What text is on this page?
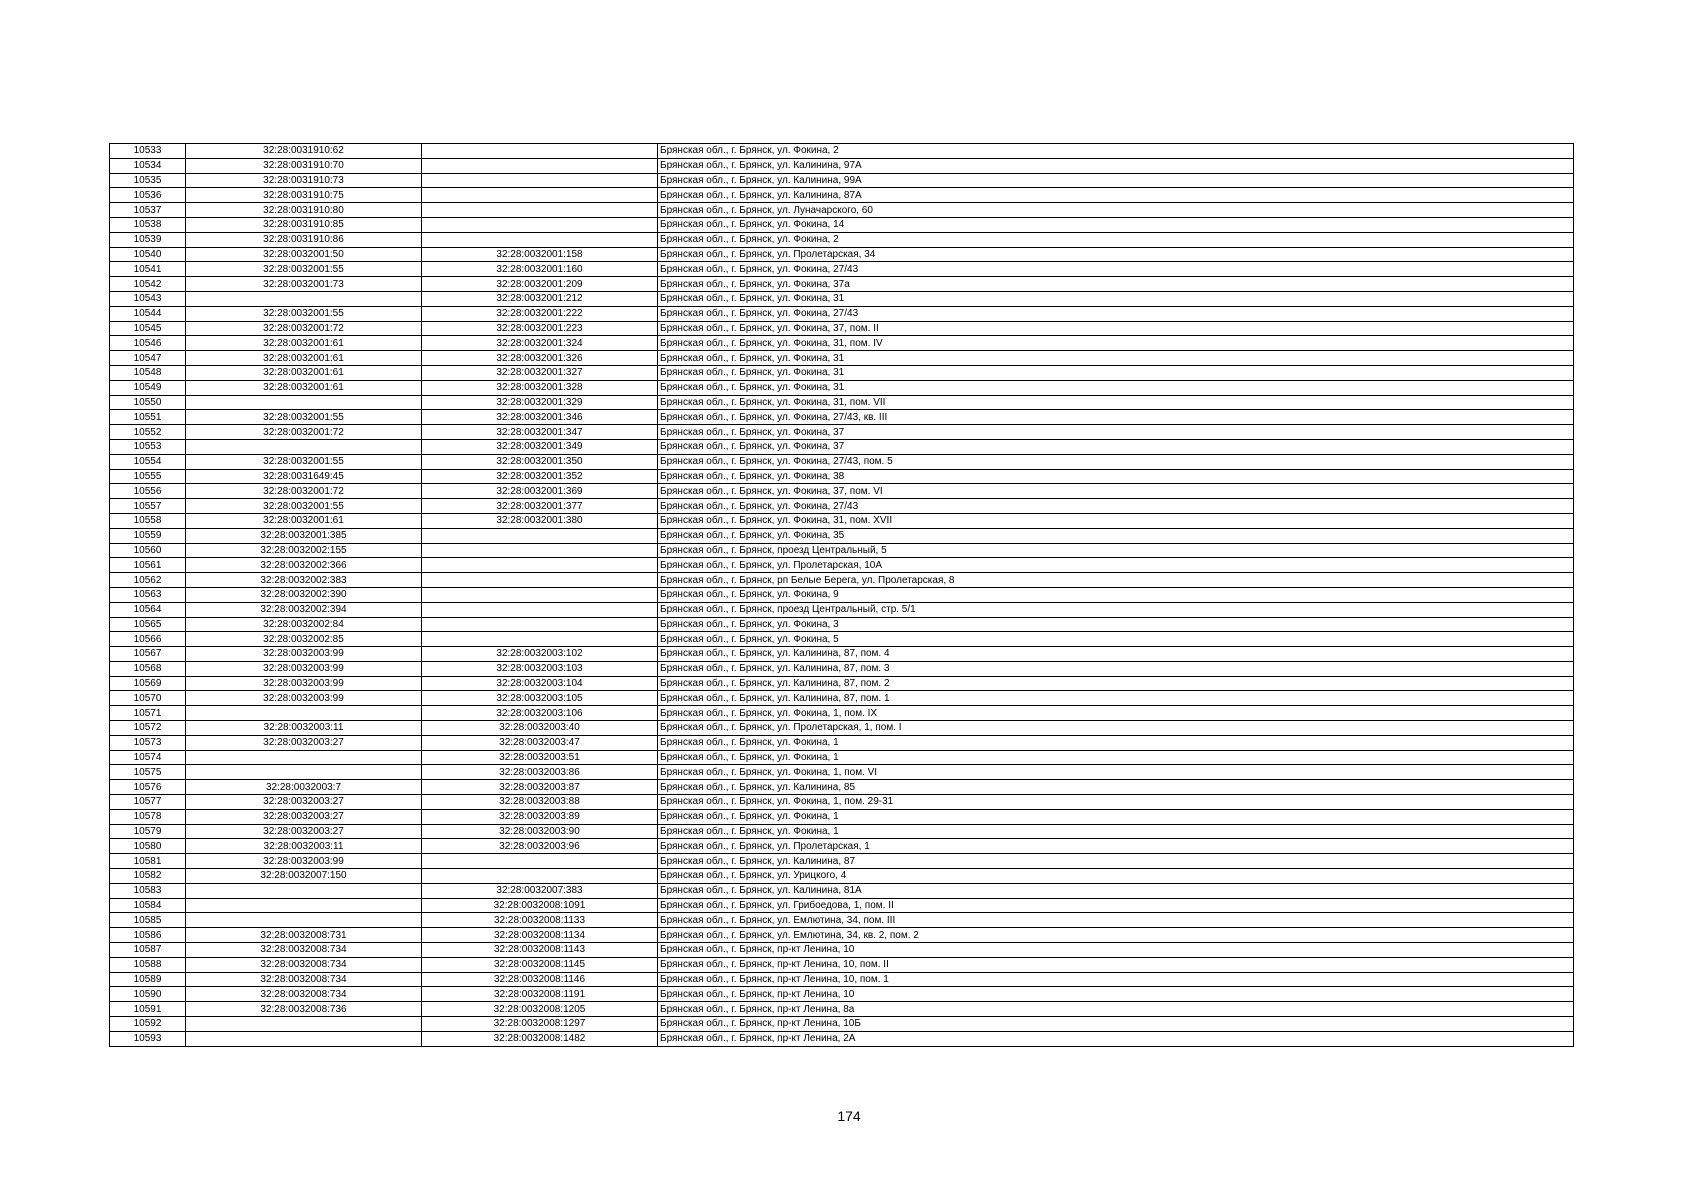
10533	32:28:0031910:62		Брянская обл., г. Брянск, ул. Фокина, 2
10534	32:28:0031910:70		Брянская обл., г. Брянск, ул. Калинина, 97А
10535	32:28:0031910:73		Брянская обл., г. Брянск, ул. Калинина, 99А
10536	32:28:0031910:75		Брянская обл., г. Брянск, ул. Калинина, 87А
10537	32:28:0031910:80		Брянская обл., г. Брянск, ул. Луначарского, 60
10538	32:28:0031910:85		Брянская обл., г. Брянск, ул. Фокина, 14
10539	32:28:0031910:86		Брянская обл., г. Брянск, ул. Фокина, 2
10540	32:28:0032001:50	32:28:0032001:158	Брянская обл., г. Брянск, ул. Пролетарская, 34
10541	32:28:0032001:55	32:28:0032001:160	Брянская обл., г. Брянск, ул. Фокина, 27/43
10542	32:28:0032001:73	32:28:0032001:209	Брянская обл., г. Брянск, ул. Фокина, 37а
10543		32:28:0032001:212	Брянская обл., г. Брянск, ул. Фокина, 31
10544	32:28:0032001:55	32:28:0032001:222	Брянская обл., г. Брянск, ул. Фокина, 27/43
10545	32:28:0032001:72	32:28:0032001:223	Брянская обл., г. Брянск, ул. Фокина, 37, пом. II
10546	32:28:0032001:61	32:28:0032001:324	Брянская обл., г. Брянск, ул. Фокина, 31, пом. IV
10547	32:28:0032001:61	32:28:0032001:326	Брянская обл., г. Брянск, ул. Фокина, 31
10548	32:28:0032001:61	32:28:0032001:327	Брянская обл., г. Брянск, ул. Фокина, 31
10549	32:28:0032001:61	32:28:0032001:328	Брянская обл., г. Брянск, ул. Фокина, 31
10550		32:28:0032001:329	Брянская обл., г. Брянск, ул. Фокина, 31, пом. VII
10551	32:28:0032001:55	32:28:0032001:346	Брянская обл., г. Брянск, ул. Фокина, 27/43, кв. III
10552	32:28:0032001:72	32:28:0032001:347	Брянская обл., г. Брянск, ул. Фокина, 37
10553		32:28:0032001:349	Брянская обл., г. Брянск, ул. Фокина, 37
10554	32:28:0032001:55	32:28:0032001:350	Брянская обл., г. Брянск, ул. Фокина, 27/43, пом. 5
10555	32:28:0031649:45	32:28:0032001:352	Брянская обл., г. Брянск, ул. Фокина, 38
10556	32:28:0032001:72	32:28:0032001:369	Брянская обл., г. Брянск, ул. Фокина, 37, пом. VI
10557	32:28:0032001:55	32:28:0032001:377	Брянская обл., г. Брянск, ул. Фокина, 27/43
10558	32:28:0032001:61	32:28:0032001:380	Брянская обл., г. Брянск, ул. Фокина, 31, пом. XVII
10559	32:28:0032001:385		Брянская обл., г. Брянск, ул. Фокина, 35
10560	32:28:0032002:155		Брянская обл., г. Брянск, проезд Центральный, 5
10561	32:28:0032002:366		Брянская обл., г. Брянск, ул. Пролетарская, 10А
10562	32:28:0032002:383		Брянская обл., г. Брянск, рп Белые Берега, ул. Пролетарская, 8
10563	32:28:0032002:390		Брянская обл., г. Брянск, ул. Фокина, 9
10564	32:28:0032002:394		Брянская обл., г. Брянск, проезд Центральный, стр. 5/1
10565	32:28:0032002:84		Брянская обл., г. Брянск, ул. Фокина, 3
10566	32:28:0032002:85		Брянская обл., г. Брянск, ул. Фокина, 5
10567	32:28:0032003:99	32:28:0032003:102	Брянская обл., г. Брянск, ул. Калинина, 87, пом. 4
10568	32:28:0032003:99	32:28:0032003:103	Брянская обл., г. Брянск, ул. Калинина, 87, пом. 3
10569	32:28:0032003:99	32:28:0032003:104	Брянская обл., г. Брянск, ул. Калинина, 87, пом. 2
10570	32:28:0032003:99	32:28:0032003:105	Брянская обл., г. Брянск, ул. Калинина, 87, пом. 1
10571		32:28:0032003:106	Брянская обл., г. Брянск, ул. Фокина, 1, пом. IX
10572	32:28:0032003:11	32:28:0032003:40	Брянская обл., г. Брянск, ул. Пролетарская, 1, пом. I
10573	32:28:0032003:27	32:28:0032003:47	Брянская обл., г. Брянск, ул. Фокина, 1
10574		32:28:0032003:51	Брянская обл., г. Брянск, ул. Фокина, 1
10575		32:28:0032003:86	Брянская обл., г. Брянск, ул. Фокина, 1, пом. VI
10576	32:28:0032003:7	32:28:0032003:87	Брянская обл., г. Брянск, ул. Калинина, 85
10577	32:28:0032003:27	32:28:0032003:88	Брянская обл., г. Брянск, ул. Фокина, 1, пом. 29-31
10578	32:28:0032003:27	32:28:0032003:89	Брянская обл., г. Брянск, ул. Фокина, 1
10579	32:28:0032003:27	32:28:0032003:90	Брянская обл., г. Брянск, ул. Фокина, 1
10580	32:28:0032003:11	32:28:0032003:96	Брянская обл., г. Брянск, ул. Пролетарская, 1
10581	32:28:0032003:99		Брянская обл., г. Брянск, ул. Калинина, 87
10582	32:28:0032007:150		Брянская обл., г. Брянск, ул. Урицкого, 4
10583		32:28:0032007:383	Брянская обл., г. Брянск, ул. Калинина, 81А
10584		32:28:0032008:1091	Брянская обл., г. Брянск, ул. Грибоедова, 1, пом. II
10585		32:28:0032008:1133	Брянская обл., г. Брянск, ул. Емлютина, 34, пом. III
10586	32:28:0032008:731	32:28:0032008:1134	Брянская обл., г. Брянск, ул. Емлютина, 34, кв. 2, пом. 2
10587	32:28:0032008:734	32:28:0032008:1143	Брянская обл., г. Брянск, пр-кт Ленина, 10
10588	32:28:0032008:734	32:28:0032008:1145	Брянская обл., г. Брянск, пр-кт Ленина, 10, пом. II
10589	32:28:0032008:734	32:28:0032008:1146	Брянская обл., г. Брянск, пр-кт Ленина, 10, пом. 1
10590	32:28:0032008:734	32:28:0032008:1191	Брянская обл., г. Брянск, пр-кт Ленина, 10
10591	32:28:0032008:736	32:28:0032008:1205	Брянская обл., г. Брянск, пр-кт Ленина, 8а
10592		32:28:0032008:1297	Брянская обл., г. Брянск, пр-кт Ленина, 10Б
10593		32:28:0032008:1482	Брянская обл., г. Брянск, пр-кт Ленина, 2А
174
